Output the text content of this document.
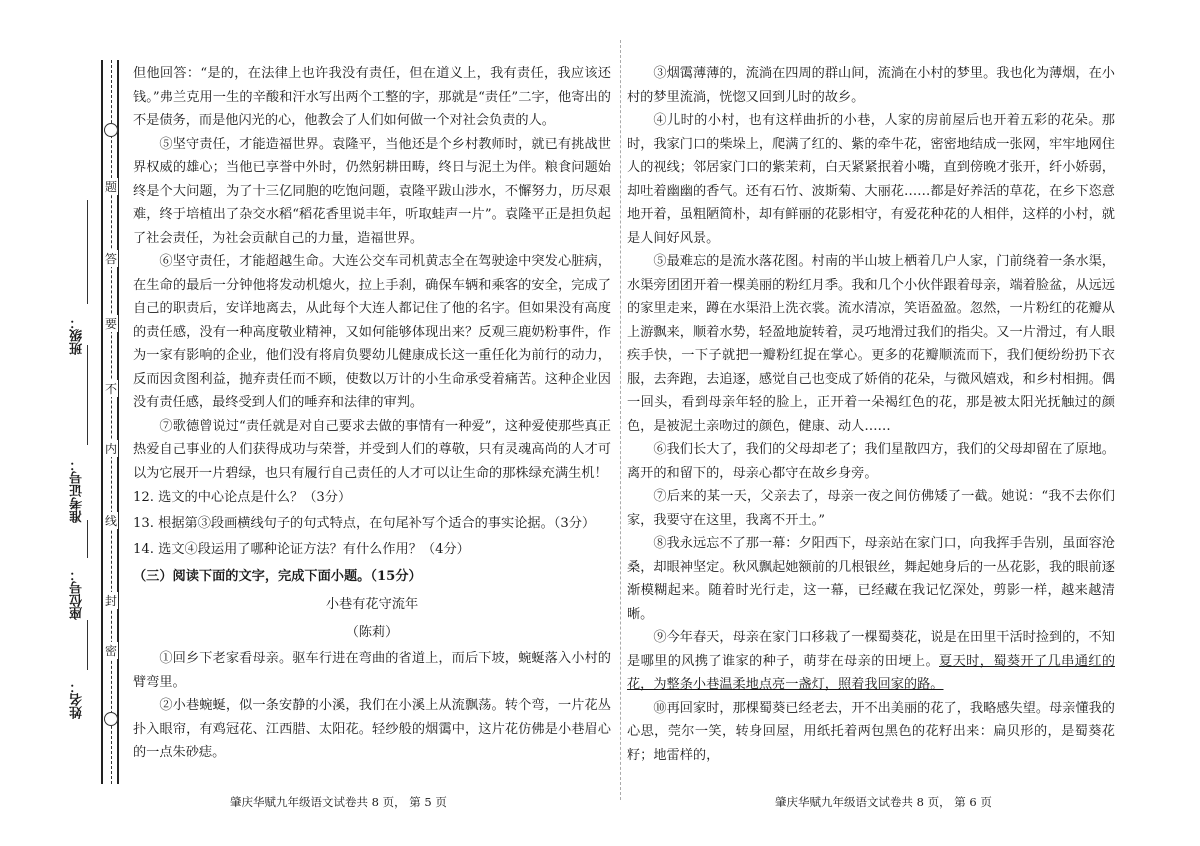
密
封
线
内
不
要
答
题
班级：
准考证号：
座位号：
姓名：

但他回答：“是的，在法律上也许我没有责任，但在道义上，我有责任，我应该还钱。”弗兰克用一生的辛酸和汗水写出两个工整的字，那就是“责任”二字，他寄出的不是债务，而是他闪光的心，他教会了人们如何做一个对社会负责的人。

⑤坚守责任，才能造福世界。袁隆平，当他还是个乡村教师时，就已有挑战世界权威的雄心；当他已享誉中外时，仍然躬耕田畴，终日与泥土为伴。粮食问题始终是个大问题，为了十三亿同胞的吃饱问题，袁隆平跋山涉水，不懈努力，历尽艰难，终于培植出了杂交水稻“稻花香里说丰年，听取蛙声一片”。袁隆平正是担负起了社会责任，为社会贡献自己的力量，造福世界。

⑥坚守责任，才能超越生命。大连公交车司机黄志全在驾驶途中突发心脏病，在生命的最后一分钟他将发动机熄火，拉上手刹，确保车辆和乘客的安全，完成了自己的职责后，安详地离去，从此每个大连人都记住了他的名字。但如果没有高度的责任感，没有一种高度敬业精神，又如何能够体现出来？反观三鹿奶粉事件，作为一家有影响的企业，他们没有将肩负婴幼儿健康成长这一重任化为前行的动力，反而因贪图利益，抛弃责任而不顾，使数以万计的小生命承受着痛苦。这种企业因没有责任感，最终受到人们的唾弃和法律的审判。

⑦歌德曾说过“责任就是对自己要求去做的事情有一种爱”，这种爱使那些真正热爱自己事业的人们获得成功与荣誉，并受到人们的尊敬，只有灵魂高尚的人才可以为它展开一片碧绿，也只有履行自己责任的人才可以让生命的那株绿充满生机！

12. 选文的中心论点是什么？（3分）

13. 根据第③段画横线句子的句式特点，在句尾补写个适合的事实论据。（3分）

14. 选文④段运用了哪种论证方法？有什么作用？（4分）

（三）阅读下面的文字，完成下面小题。（15分）

小巷有花守流年

（陈莉）

①回乡下老家看母亲。驱车行进在弯曲的省道上，而后下坡，蜿蜒落入小村的臂弯里。

②小巷蜿蜒，似一条安静的小溪，我们在小溪上从流飘荡。转个弯，一片花丛扑入眼帘，有鸡冠花、江西腊、太阳花。轻纱般的烟霭中，这片花仿佛是小巷眉心的一点朱砂痣。

肇庆华赋九年级语文试卷共 8 页， 第 5 页

③烟霭薄薄的，流淌在四周的群山间，流淌在小村的梦里。我也化为薄烟，在小村的梦里流淌，恍惚又回到儿时的故乡。

④儿时的小村，也有这样曲折的小巷，人家的房前屋后也开着五彩的花朵。那时，我家门口的柴垛上，爬满了红的、紫的牵牛花，密密地结成一张网，牢牢地网住人的视线；邻居家门口的紫茉莉，白天紧紧抿着小嘴，直到傍晚才张开，纤小娇弱，却吐着幽幽的香气。还有石竹、波斯菊、大丽花……都是好养活的草花，在乡下恣意地开着，虽粗陋简朴，却有鲜丽的花影相守，有爱花种花的人相伴，这样的小村，就是人间好风景。

⑤最难忘的是流水落花图。村南的半山坡上栖着几户人家，门前绕着一条水渠，水渠旁团团开着一棵美丽的粉红月季。我和几个小伙伴跟着母亲，端着脸盆，从远远的家里走来，蹲在水渠沿上洗衣裳。流水清凉，笑语盈盈。忽然，一片粉红的花瓣从上游飘来，顺着水势，轻盈地旋转着，灵巧地滑过我们的指尖。又一片滑过，有人眼疾手快，一下子就把一瓣粉红捉在掌心。更多的花瓣顺流而下，我们便纷纷扔下衣服，去奔跑，去追逐，感觉自己也变成了娇俏的花朵，与微风嬉戏，和乡村相拥。偶一回头，看到母亲年轻的脸上，正开着一朵褐红色的花，那是被太阳光抚触过的颜色，是被泥土亲吻过的颜色，健康、动人……

⑥我们长大了，我们的父母却老了；我们星散四方，我们的父母却留在了原地。离开的和留下的，母亲心都守在故乡身旁。

⑦后来的某一天，父亲去了，母亲一夜之间仿佛矮了一截。她说：“我不去你们家，我要守在这里，我离不开土。”

⑧我永远忘不了那一幕：夕阳西下，母亲站在家门口，向我挥手告别，虽面容沧桑，却眼神坚定。秋风飘起她额前的几根银丝，舞起她身后的一丛花影，我的眼前逐渐模糊起来。随着时光行走，这一幕，已经藏在我记忆深处，剪影一样，越来越清晰。

⑨今年春天，母亲在家门口移栽了一棵蜀葵花，说是在田里干活时捡到的，不知是哪里的风携了谁家的种子，萌芽在母亲的田埂上。夏天时，蜀葵开了几串通红的花，为整条小巷温柔地点亮一盏灯，照着我回家的路。

⑩再回家时，那棵蜀葵已经老去，开不出美丽的花了，我略感失望。母亲懂我的心思，莞尔一笑，转身回屋，用纸托着两包黑色的花籽出来：扁贝形的，是蜀葵花籽；地雷样的，

肇庆华赋九年级语文试卷共 8 页， 第 6 页
